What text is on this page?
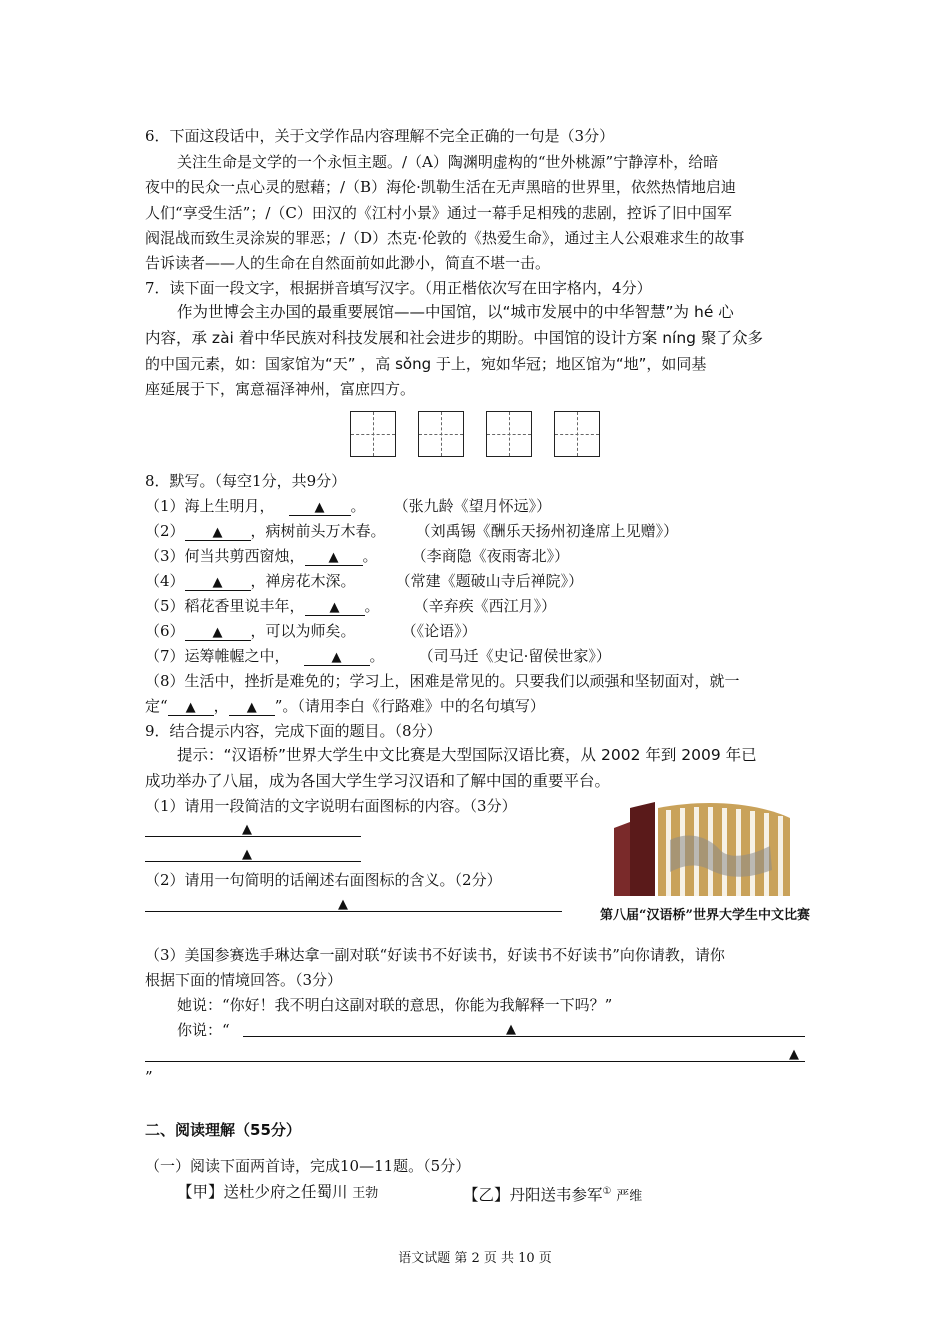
6．下面这段话中，关于文学作品内容理解不完全正确的一句是（3分）
关注生命是文学的一个永恒主题。/（A）陶渊明虚构的“世外桃源”宁静淳朴，给暗
夜中的民众一点心灵的慰藉；/（B）海伦·凯勒生活在无声黑暗的世界里，依然热情地启迪
人们“享受生活”；/（C）田汉的《江村小景》通过一幕手足相残的悲剧，控诉了旧中国军
阀混战而致生灵涂炭的罪恶；/（D）杰克·伦敦的《热爱生命》，通过主人公艰难求生的故事
告诉读者——人的生命在自然面前如此渺小，简直不堪一击。
7．读下面一段文字，根据拼音填写汉字。（用正楷依次写在田字格内，4分）
作为世博会主办国的最重要展馆——中国馆，以“城市发展中的中华智慧”为 hé 心
内容，承 zài 着中华民族对科技发展和社会进步的期盼。中国馆的设计方案 níng 聚了众多
的中国元素，如：国家馆为“天” ，高 sǒng 于上，宛如华冠；地区馆为“地”，如同基
座延展于下，寓意福泽神州，富庶四方。
8．默写。（每空1分，共9分）
（1）海上生明月，	▲ 。 （张九龄《望月怀远》）
（2） ▲ ，病树前头万木春。 （刘禹锡《酬乐天扬州初逢席上见赠》）
（3）何当共剪西窗烛， ▲ 。 （李商隐《夜雨寄北》）
（4） ▲ ，禅房花木深。	（常建《题破山寺后禅院》）
（5）稻花香里说丰年， ▲ 。 （辛弃疾《西江月》）
（6） ▲ ，可以为师矣。	（《论语》）
（7）运筹帷幄之中，	▲ 。 （司马迁《史记·留侯世家》）
（8）生活中，挫折是难免的；学习上，困难是常见的。只要我们以顽强和坚韧面对，就一
定“ ▲ ， ▲ ”。（请用李白《行路难》中的名句填写）
9．结合提示内容，完成下面的题目。（8分）
提示：“汉语桥”世界大学生中文比赛是大型国际汉语比赛，从 2002 年到 2009 年已
成功举办了八届，成为各国大学生学习汉语和了解中国的重要平台。
（1）请用一段简洁的文字说明右面图标的内容。（3分）
▲
（2）请用一句简明的话阐述右面图标的含义。（2分）
第八届“汉语桥”世界大学生中文比赛
（3）美国参赛选手琳达拿一副对联“好读书不好读书，好读书不好读书”向你请教，请你
根据下面的情境回答。（3分）
她说：“你好！我不明白这副对联的意思，你能为我解释一下吗？”
你说：“
”
二、阅读理解（55分）
（一）阅读下面两首诗，完成10—11题。（5分）
【甲】送杜少府之任蜀川 王勃	【乙】丹阳送韦参军① 严维
语文试题 第 2 页 共 10 页
▲
▲
▲
▲
